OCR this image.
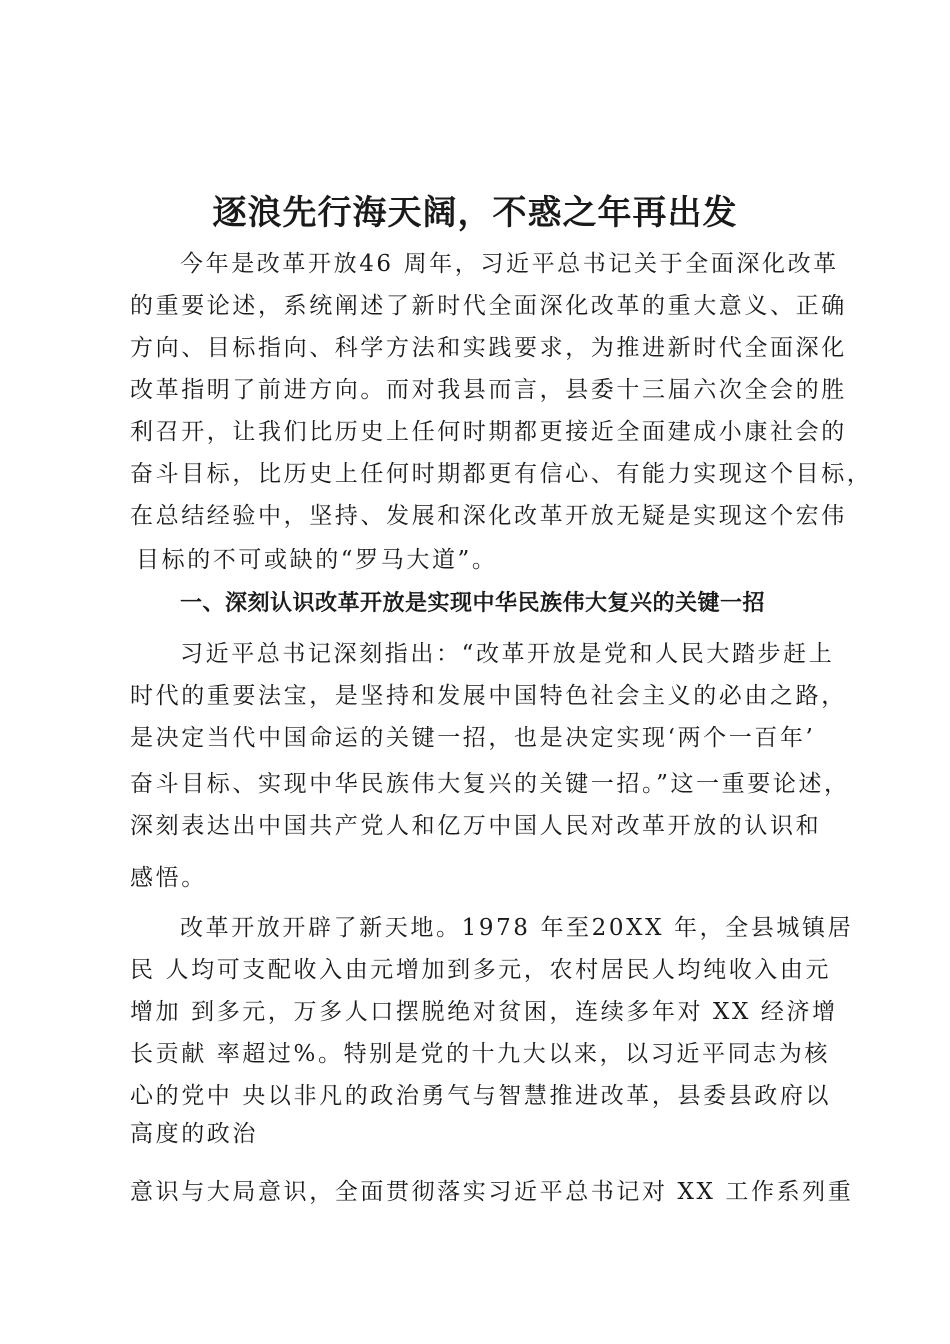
逐浪先行海天阔，不惑之年再出发

今年是改革开放46 周年，习近平总书记关于全面深化改革

的重要论述，系统阐述了新时代全面深化改革的重大意义、正确

方向、目标指向、科学方法和实践要求，为推进新时代全面深化

改革指明了前进方向。而对我县而言，县委十三届六次全会的胜

利召开，让我们比历史上任何时期都更接近全面建成小康社会的

奋斗目标，比历史上任何时期都更有信心、有能力实现这个目标，

在总结经验中，坚持、发展和深化改革开放无疑是实现这个宏伟

目标的不可或缺的“罗马大道”。

一、深刻认识改革开放是实现中华民族伟大复兴的关键一招

习近平总书记深刻指出：“改革开放是党和人民大踏步赶上

时代的重要法宝，是坚持和发展中国特色社会主义的必由之路，

是决定当代中国命运的关键一招，也是决定实现‘两个一百年’

奋斗目标、实现中华民族伟大复兴的关键一招。”这一重要论述，

深刻表达出中国共产党人和亿万中国人民对改革开放的认识和

感悟。

改革开放开辟了新天地。1978 年至20XX 年，全县城镇居

民 人均可支配收入由元增加到多元，农村居民人均纯收入由元

增加 到多元，万多人口摆脱绝对贫困，连续多年对 XX 经济增

长贡献 率超过%。特别是党的十九大以来，以习近平同志为核

心的党中 央以非凡的政治勇气与智慧推进改革，县委县政府以

高度的政治

意识与大局意识，全面贯彻落实习近平总书记对 XX 工作系列重
